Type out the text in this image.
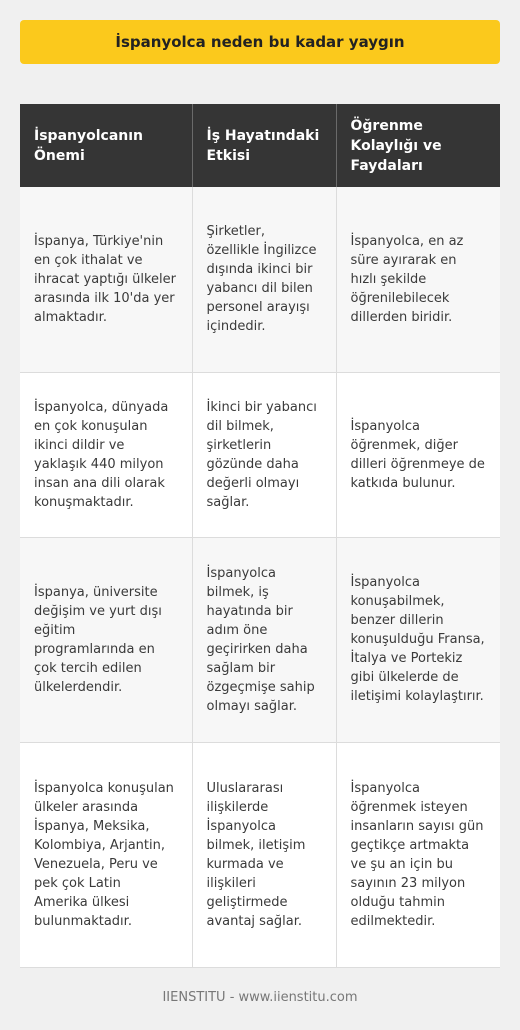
İspanyolca neden bu kadar yaygın
İspanyolcanın Önemi	İş Hayatındaki Etkisi	Öğrenme Kolaylığı ve Faydaları
İspanya, Türkiye'nin en çok ithalat ve ihracat yaptığı ülkeler arasında ilk 10'da yer almaktadır.	Şirketler, özellikle İngilizce dışında ikinci bir yabancı dil bilen personel arayışı içindedir.	İspanyolca, en az süre ayırarak en hızlı şekilde öğrenilebilecek dillerden biridir.
İspanyolca, dünyada en çok konuşulan ikinci dildir ve yaklaşık 440 milyon insan ana dili olarak konuşmaktadır.	İkinci bir yabancı dil bilmek, şirketlerin gözünde daha değerli olmayı sağlar.	İspanyolca öğrenmek, diğer dilleri öğrenmeye de katkıda bulunur.
İspanya, üniversite değişim ve yurt dışı eğitim programlarında en çok tercih edilen ülkelerdendir.	İspanyolca bilmek, iş hayatında bir adım öne geçirirken daha sağlam bir özgeçmişe sahip olmayı sağlar.	İspanyolca konuşabilmek, benzer dillerin konuşulduğu Fransa, İtalya ve Portekiz gibi ülkelerde de iletişimi kolaylaştırır.
İspanyolca konuşulan ülkeler arasında İspanya, Meksika, Kolombiya, Arjantin, Venezuela, Peru ve pek çok Latin Amerika ülkesi bulunmaktadır.	Uluslararası ilişkilerde İspanyolca bilmek, iletişim kurmada ve ilişkileri geliştirmede avantaj sağlar.	İspanyolca öğrenmek isteyen insanların sayısı gün geçtikçe artmakta ve şu an için bu sayının 23 milyon olduğu tahmin edilmektedir.
IIENSTITU - www.iienstitu.com
